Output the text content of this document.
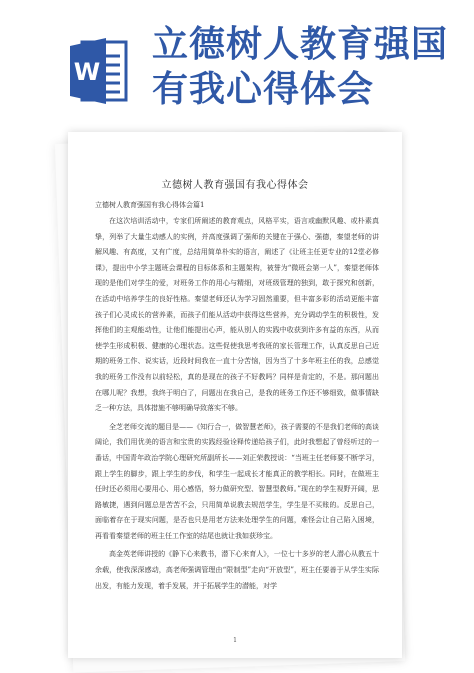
W
立德树人教育强国有我心得体会
立德树人教育强国有我心得体会
立德树人教育强国有我心得体会篇1

在这次培训活动中，专家们所阐述的教育观点，风格平实，语言或幽默风趣、或朴素真挚，列举了大量生动感人的实例，并高度强调了强师的关键在于强心、强德，秦望老师的讲解风趣、有高度，又有广度，总结用简单朴实的语言，阐述了《让班主任更专业的12堂必修课》，提出中小学主题班会课程的目标体系和主题架构，被誉为“微班会第一人”，秦望老师体现的是他们对学生的爱，对班务工作的用心与精细，对班级管理的独到，敢于探究和创新，在活动中培养学生的良好性格。秦望老师还认为学习固然重要，但丰富多彩的活动更能丰富孩子们心灵成长的营养素，而孩子们能从活动中获得这些营养，充分调动学生的积极性，发挥他们的主观能动性，让他们能提出心声，能从别人的实践中收获到许多有益的东西，从而使学生形成积极、健康的心理状态。这些促使我思考我班的家长管理工作，认真反思自己近期的班务工作、说实话，近段时间我在一直十分苦恼，因为当了十多年班主任的我，总感觉我的班务工作没有以前轻松，真的是现在的孩子不好教吗？同样是肯定的，不是。那问题出在哪儿呢？我想，我终于明白了，问题出在我自己，是我的班务工作还不够细致，做事情缺乏一种方法，具体措施不够明确导致落实不够。

全芝老师交流的题目是——《知行合一，做智慧老师》，孩子需要的不是我们老师的高谈阔论，我们用优美的语言和宝贵的实践经验诠释传递给孩子们，此时我想起了曾经听过的一番话，中国青年政治学院心理研究所副所长——刘正荣教授说：“当班主任老师要不断学习，跟上学生的脚步，跟上学生的步伐，和学生一起成长才能真正的教学相长。同时，在做班主任时还必须用心要用心、用心感悟，努力做研究型、智慧型教师。”现在的学生视野开阔，思路敏捷，遇到问题总是苦苦不会，只用简单说教去规范学生，学生是不买账的。反思自己，面临着存在于现实问题，是否也只是用老方法来处理学生的问题，难怪会让自己陷入困境，再看看秦望老师的班主任工作室的结尾也就让我如获珍宝。

高金英老师讲授的《静下心来教书，潜下心来育人》，一位七十多岁的老人潜心从教五十余载，使我深深感动，高老师强调管理由“限制型”走向“开放型”，班主任要善于从学生实际出发，有能力发现，着手发展，并于拓展学生的潜能，对学

1
